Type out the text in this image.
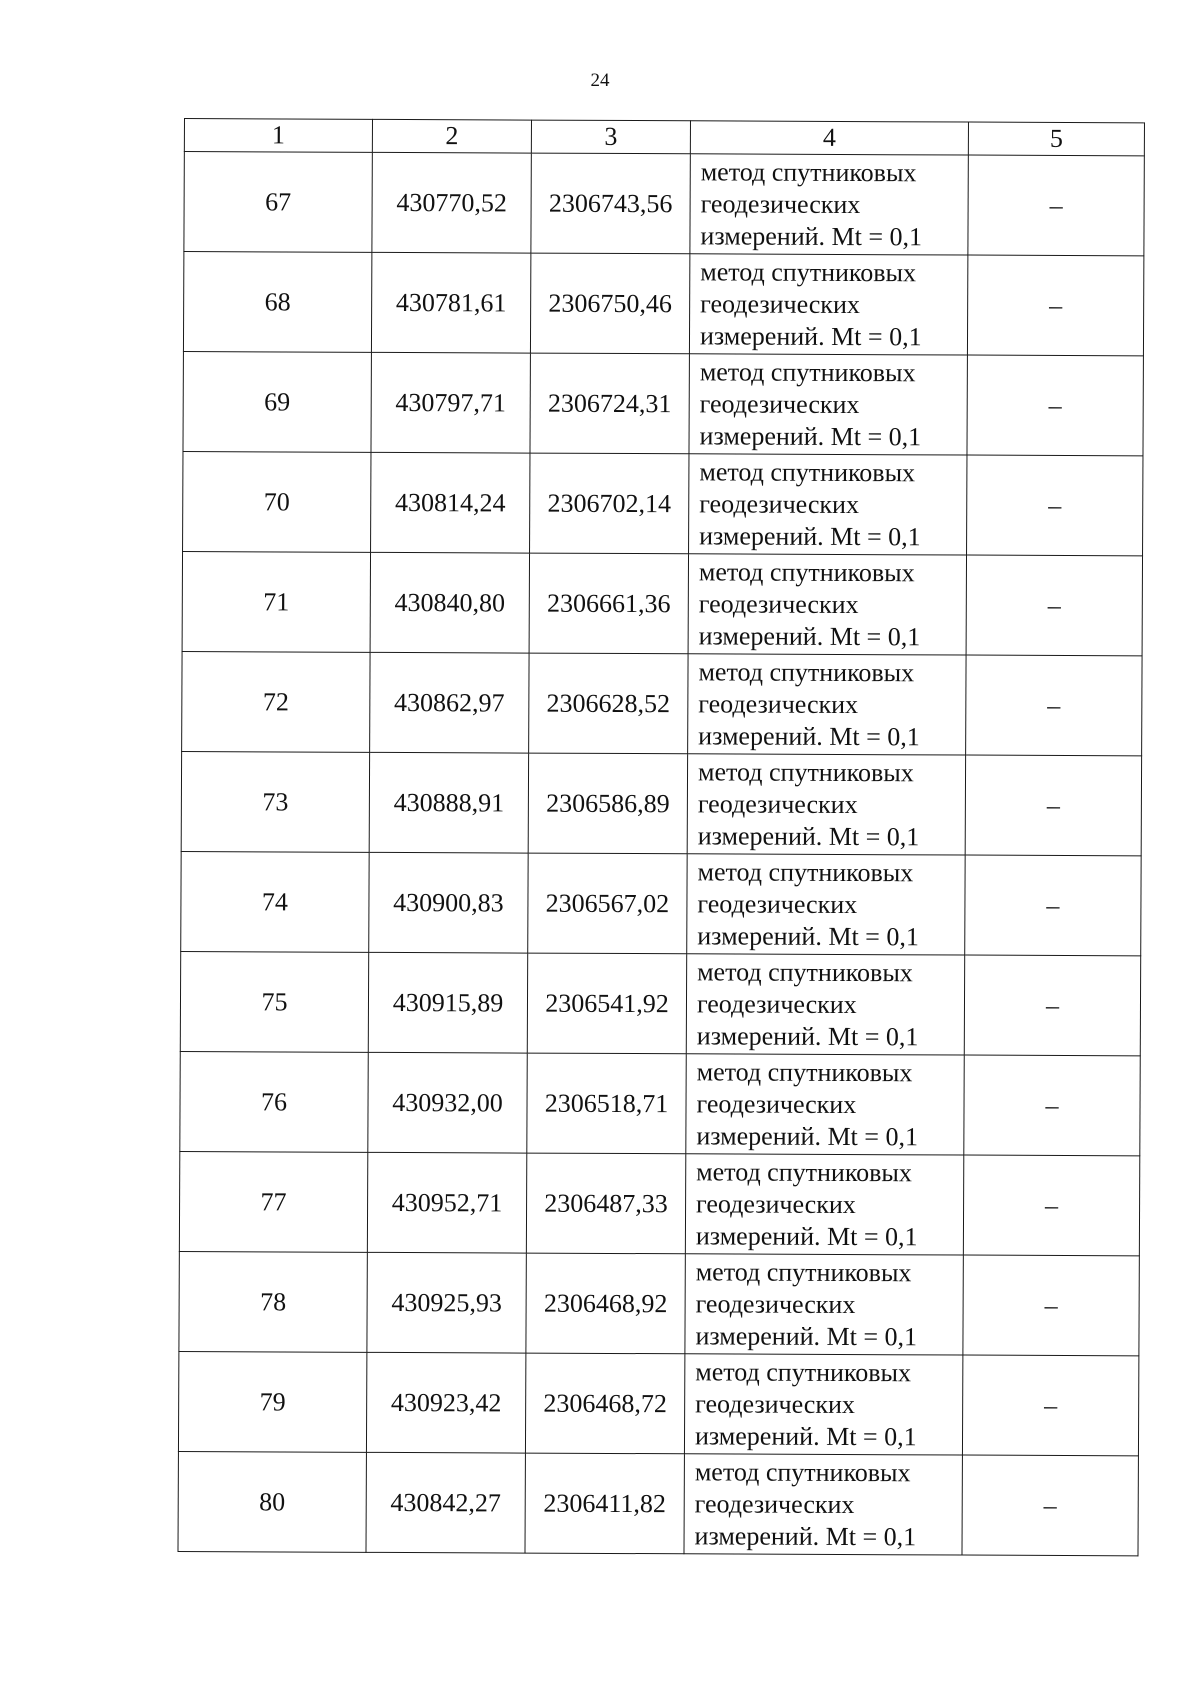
24
1	2	3	4	5
67	430770,52	2306743,56	метод спутниковых
геодезических
измерений. Mt = 0,1	–
68	430781,61	2306750,46	метод спутниковых
геодезических
измерений. Mt = 0,1	–
69	430797,71	2306724,31	метод спутниковых
геодезических
измерений. Mt = 0,1	–
70	430814,24	2306702,14	метод спутниковых
геодезических
измерений. Mt = 0,1	–
71	430840,80	2306661,36	метод спутниковых
геодезических
измерений. Mt = 0,1	–
72	430862,97	2306628,52	метод спутниковых
геодезических
измерений. Mt = 0,1	–
73	430888,91	2306586,89	метод спутниковых
геодезических
измерений. Mt = 0,1	–
74	430900,83	2306567,02	метод спутниковых
геодезических
измерений. Mt = 0,1	–
75	430915,89	2306541,92	метод спутниковых
геодезических
измерений. Mt = 0,1	–
76	430932,00	2306518,71	метод спутниковых
геодезических
измерений. Mt = 0,1	–
77	430952,71	2306487,33	метод спутниковых
геодезических
измерений. Mt = 0,1	–
78	430925,93	2306468,92	метод спутниковых
геодезических
измерений. Mt = 0,1	–
79	430923,42	2306468,72	метод спутниковых
геодезических
измерений. Mt = 0,1	–
80	430842,27	2306411,82	метод спутниковых
геодезических
измерений. Mt = 0,1	–
